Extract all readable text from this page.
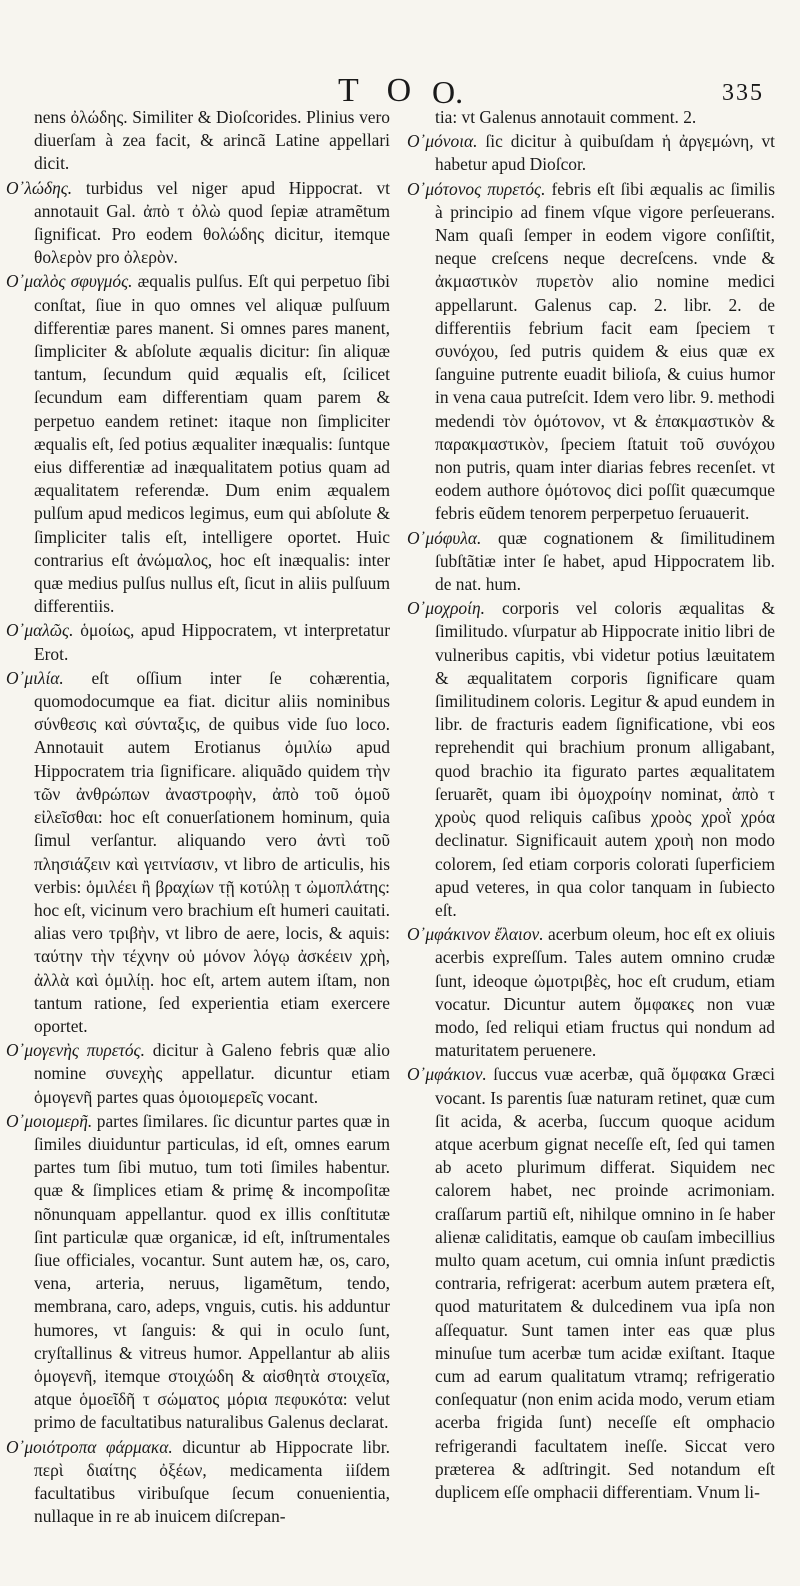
T O O.	335

nens ὀλώδης. Similiter & Dioſcorides. Plinius vero diuerſam à zea facit, & arincã Latine appellari dicit.

Ο᾿λώδης. turbidus vel niger apud Hippocrat. vt annotauit Gal. ἀπὸ τ ὀλὼ quod ſepiæ atramẽtum ſignificat. Pro eodem θολώδης dicitur, itemque θολερὸν pro ὀλερὸν.

Ο᾿μαλὸς σφυγμός. æqualis pulſus. Eſt qui perpetuo ſibi conſtat, ſiue in quo omnes vel aliquæ pulſuum differentiæ pares manent. Si omnes pares manent, ſimpliciter & abſolute æqualis dicitur: ſin aliquæ tantum, ſecundum quid æqualis eſt, ſcilicet ſecundum eam differentiam quam parem & perpetuo eandem retinet: itaque non ſimpliciter æqualis eſt, ſed potius æqualiter inæqualis: ſuntque eius differentiæ ad inæqualitatem potius quam ad æqualitatem referendæ. Dum enim æqualem pulſum apud medicos legimus, eum qui abſolute & ſimpliciter talis eſt, intelligere oportet. Huic contrarius eſt ἀνώμαλος, hoc eſt inæqualis: inter quæ medius pulſus nullus eſt, ſicut in aliis pulſuum differentiis.

Ο᾿μαλῶς. ὁμοίως, apud Hippocratem, vt interpretatur Erot.

Ο᾿μιλία. eſt oſſium inter ſe cohærentia, quomodocumque ea fiat. dicitur aliis nominibus σύνθεσις καὶ σύνταξις, de quibus vide ſuo loco. Annotauit autem Erotianus ὁμιλίω apud Hippocratem tria ſignificare. aliquãdo quidem τὴν τῶν ἀνθρώπων ἀναστροφὴν, ἀπὸ τοῦ ὁμοῦ εἰλεῖσθαι: hoc eſt conuerſationem hominum, quia ſimul verſantur. aliquando vero ἀντὶ τοῦ πλησιάζειν καὶ γειτνίασιν, vt libro de articulis, his verbis: ὁμιλέει ἢ βραχίων τῇ κοτύλῃ τ ὠμοπλάτης: hoc eſt, vicinum vero brachium eſt humeri cauitati. alias vero τριβὴν, vt libro de aere, locis, & aquis: ταύτην τὴν τέχνην οὐ μόνον λόγῳ ἀσκέειν χρὴ, ἀλλὰ καὶ ὁμιλίῃ. hoc eſt, artem autem iſtam, non tantum ratione, ſed experientia etiam exercere oportet.

Ο᾿μογενὴς πυρετός. dicitur à Galeno febris quæ alio nomine συνεχὴς appellatur. dicuntur etiam ὁμογενῆ partes quas ὁμοιομερεῖς vocant.

Ο᾿μοιομερῆ. partes ſimilares. ſic dicuntur partes quæ in ſimiles diuiduntur particulas, id eſt, omnes earum partes tum ſibi mutuo, tum toti ſimiles habentur. quæ & ſimplices etiam & primę & incompoſitæ nõnunquam appellantur. quod ex illis conſtitutæ ſint particulæ quæ organicæ, id eſt, inſtrumentales ſiue officiales, vocantur. Sunt autem hæ, os, caro, vena, arteria, neruus, ligamẽtum, tendo, membrana, caro, adeps, vnguis, cutis. his adduntur humores, vt ſanguis: & qui in oculo ſunt, cryſtallinus & vitreus humor. Appellantur ab aliis ὁμογενῆ, itemque στοιχώδη & αἰσθητὰ στοιχεῖα, atque ὁμοεῖδῆ τ σώματος μόρια πεφυκότα: velut primo de facultatibus naturalibus Galenus declarat.

Ο᾿μοιότροπα φάρμακα. dicuntur ab Hippocrate libr. περὶ διαίτης ὀξέων, medicamenta iiſdem facultatibus viribuſque ſecum conuenientia, nullaque in re ab inuicem diſcrepan-

tia: vt Galenus annotauit comment. 2.

Ο᾿μόνοια. ſic dicitur à quibuſdam ἡ ἀργεμώνη, vt habetur apud Dioſcor.

Ο᾿μότονος πυρετός. febris eſt ſibi æqualis ac ſimilis à principio ad finem vſque vigore perſeuerans. Nam quaſi ſemper in eodem vigore conſiſtit, neque creſcens neque decreſcens. vnde & ἀκμαστικὸν πυρετὸν alio nomine medici appellarunt. Galenus cap. 2. libr. 2. de differentiis febrium facit eam ſpeciem τ συνόχου, ſed putris quidem & eius quæ ex ſanguine putrente euadit bilioſa, & cuius humor in vena caua putreſcit. Idem vero libr. 9. methodi medendi τὸν ὁμότονον, vt & ἐπακμαστικὸν & παρακμαστικὸν, ſpeciem ſtatuit τοῦ συνόχου non putris, quam inter diarias febres recenſet. vt eodem authore ὁμότονος dici poſſit quæcumque febris eũdem tenorem perperpetuo ſeruauerit.

Ο᾿μόφυλα. quæ cognationem & ſimilitudinem ſubſtãtiæ inter ſe habet, apud Hippocratem lib. de nat. hum.

Ο᾿μοχροίη. corporis vel coloris æqualitas & ſimilitudo. vſurpatur ab Hippocrate initio libri de vulneribus capitis, vbi videtur potius læuitatem & æqualitatem corporis ſignificare quam ſimilitudinem coloris. Legitur & apud eundem in libr. de fracturis eadem ſignificatione, vbi eos reprehendit qui brachium pronum alligabant, quod brachio ita figurato partes æqualitatem ſeruarẽt, quam ibi ὁμοχροίην nominat, ἀπὸ τ χροὺς quod reliquis caſibus χροὸς χροῒ χρόα declinatur. Significauit autem χροιὴ non modo colorem, ſed etiam corporis colorati ſuperficiem apud veteres, in qua color tanquam in ſubiecto eſt.

Ο᾿μφάκινον ἔλαιον. acerbum oleum, hoc eſt ex oliuis acerbis expreſſum. Tales autem omnino crudæ ſunt, ideoque ὠμοτριβὲς, hoc eſt crudum, etiam vocatur. Dicuntur autem ὄμφακες non vuæ modo, ſed reliqui etiam fructus qui nondum ad maturitatem peruenere.

Ο᾿μφάκιον. ſuccus vuæ acerbæ, quã ὄμφακα Græci vocant. Is parentis ſuæ naturam retinet, quæ cum ſit acida, & acerba, ſuccum quoque acidum atque acerbum gignat neceſſe eſt, ſed qui tamen ab aceto plurimum differat. Siquidem nec calorem habet, nec proinde acrimoniam. craſſarum partiũ eſt, nihilque omnino in ſe haber alienæ caliditatis, eamque ob cauſam imbecillius multo quam acetum, cui omnia inſunt prædictis contraria, refrigerat: acerbum autem prætera eſt, quod maturitatem & dulcedinem vua ipſa non aſſequatur. Sunt tamen inter eas quæ plus minuſue tum acerbæ tum acidæ exiſtant. Itaque cum ad earum qualitatum vtramq; refrigeratio conſequatur (non enim acida modo, verum etiam acerba frigida ſunt) neceſſe eſt omphacio refrigerandi facultatem ineſſe. Siccat vero præterea & adſtringit. Sed notandum eſt duplicem eſſe omphacii differentiam. Vnum li-
